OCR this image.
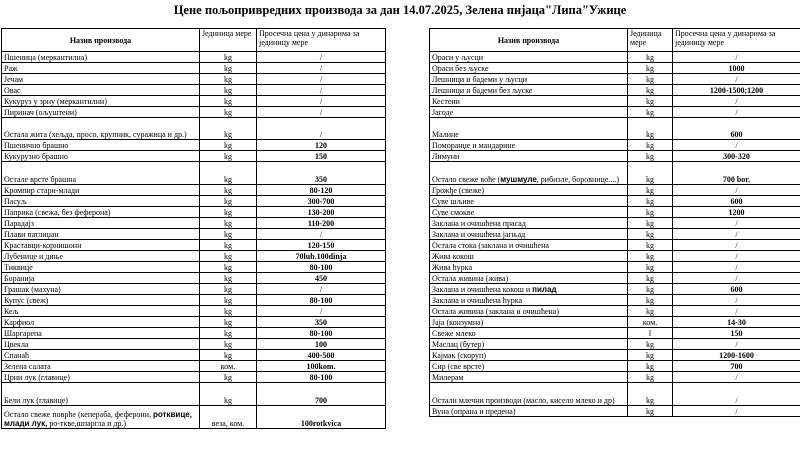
Цене пољопривредних производа за дан 14.07.2025, Зелена пијаца"Липа"Ужице
Назив производа	Јединица мере	Просечна цена у динарима за јединицу мере
Пшеница (меркантилна)	kg	/
Раж	kg	/
Јечам	kg	/
Овас	kg	/
Кукуруз у зрну (меркантилни)	kg	/
Пиринач (ољуштени)	kg	/
Остала жита (хељда, просо, крупник, суражица и др.)	kg	/
Пшенично брашно	kg	120
Кукурузно брашно	kg	150
Остале врсте брашна	kg	350
Кромпир стари-млади	kg	80-120
Пасуљ	kg	300-700
Паприка (свежа, без феферона)	kg	130-200
Парадајз	kg	110-200
Плави патлиџан	kg	/
Краставци-корнишони	kg	120-150
Лубенице и диње	kg	70lub.100dinja
Тиквице	kg	80-100
Боранија	kg	450
Грашак (махуна)	kg	/
Купус (свеж)	kg	80-100
Кељ	kg	/
Карфиол	kg	350
Шаргарепа	kg	80-100
Цвекла	kg	100
Спанаћ	kg	400-500
Зелена салата	ком.	100kom.
Црни лук (главице)	kg	80-100
Бели лук (главице)	kg	700
Остало свеже поврће (кепераба, феферони, ротквице, млади лук, ро-ткве,шпаргла и др.)	веза, ком.	100rotkvica
Назив производа	Јединица мере	Просечна цена у динарима за јединицу мере
Ораси у љусци	kg	/
Ораси без љуске	kg	1000
Лешници и бадеми у љусци	kg	/
Лешници и бадеми без љуске	kg	1200-1500;1200
Кестени	kg	/
Јагоде	kg	/
Малине	kg	600
Поморанџе и мандарине	kg	/
Лимуни	kg	300-320
Остало свеже воће (мушмуле, рибизле, боровнице....)	kg	700 bor.
Грожђе (свеже)	kg	/
Суве шљиве	kg	600
Суве смокве	kg	1200
Заклана и очишћена прасад	kg	/
Заклана и очишћена јагњад	kg	/
Остала стока (заклана и очишћена	kg	/
Жива кокош	kg	/
Жива ћурка	kg	/
Остала живина (жива)	kg	/
Заклана и очишћена кокош и пилад	kg	600
Заклана и очишћена ћурка	kg	/
Остала живина (заклана и очишћена)	kg	/
Јаја (конзумна)	ком.	14-30
Свеже млеко	l	150
Маслац (бутер)	kg	/
Кајмак (скоруп)	kg	1200-1600
Сир (све врсте)	kg	700
Милерам	kg	/
Остали млечни производи (масло, кисело млеко и др)	kg	/
Вуна (опрана и предена)	kg	/
